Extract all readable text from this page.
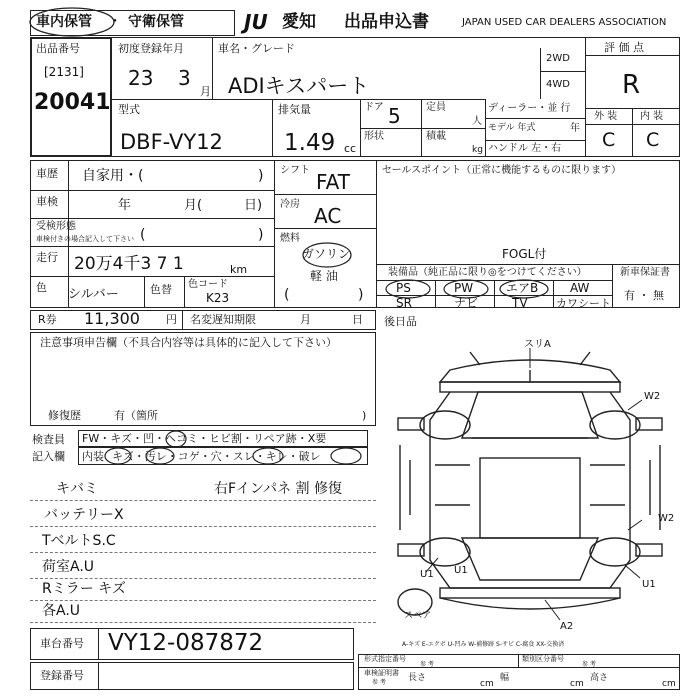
車内保管 ・ 守衛保管	JU 愛知 出品申込書	JAPAN USED CAR DEALERS ASSOCIATION
出品番号
[2131]
20041
初度登録年月
23 3
月
車名・グレード
ADⅠキスパート
2WD
4WD
評 価 点
R
外 装 内 装
C C
型式
DBF-VY12
排気量
1.49 cc
ドア 5	定員
人
形状	積載
kg
ディーラー・並 行
モデル 年式	年
ハンドル 左・右
車歴 自家用・(	)
車検	年	月(	日)
受検形態
車検付きの場合記入して下さい (	)
走行 20万4千3 7 1	km
色 シルバー	色替 色コード
K23
シフト FAT
冷房 AC
燃料
ガソリン
軽 油
(	)
セールスポイント（正常に機能するものに限ります）
FOGL付
装備品（純正品に限り◎をつけてください）	新車保証書
有 ・ 無
PS	PW	エアB	AW
SR	ナビ	TV	カワシート
R券 11,300 円 名変遅知期限	月	日 後日品
注意事項申告欄（不具合内容等は具体的に記入して下さい）
修復歴	有（箇所	)
検査員
記入欄
FW・キズ・凹・ヘコミ・ヒビ割・リペア跡・X要
内装 キズ・汚レ・コゲ・穴・スレ・キレ・破レ
キバミ	右Fインパネ 割 修復
バッテリーX
TベルトS.C
荷室A.U
Rミラー キズ
各A.U
スリA
W2
U1
W2
U1
A2
U1
スペア
車台番号 VY12-087872
登録番号
A-キズ E-エクボ U-凹み W-補修跡 S-サビ C-腐食 XX-交換済
形式指定番号
参 考
類別区分番号
参 考
車検証明書
参 考 長さ
cm
幅
cm
高さ
cm
